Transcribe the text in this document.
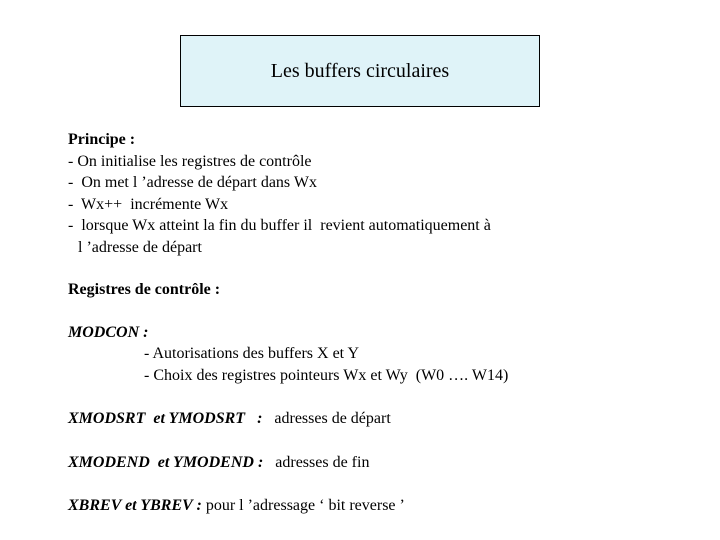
Les buffers circulaires
Principe :
- On initialise les registres de contrôle
-  On met l ’adresse de départ dans Wx
-  Wx++  incrémente Wx
-  lorsque Wx atteint la fin du buffer il  revient automatiquement à
l ’adresse de départ
Registres de contrôle :
MODCON :
- Autorisations des buffers X et Y
- Choix des registres pointeurs Wx et Wy  (W0 …. W14)
XMODSRT  et YMODSRT   :   adresses de départ
XMODEND  et YMODEND :   adresses de fin
XBREV et YBREV : pour l ’adressage ‘ bit reverse ’
